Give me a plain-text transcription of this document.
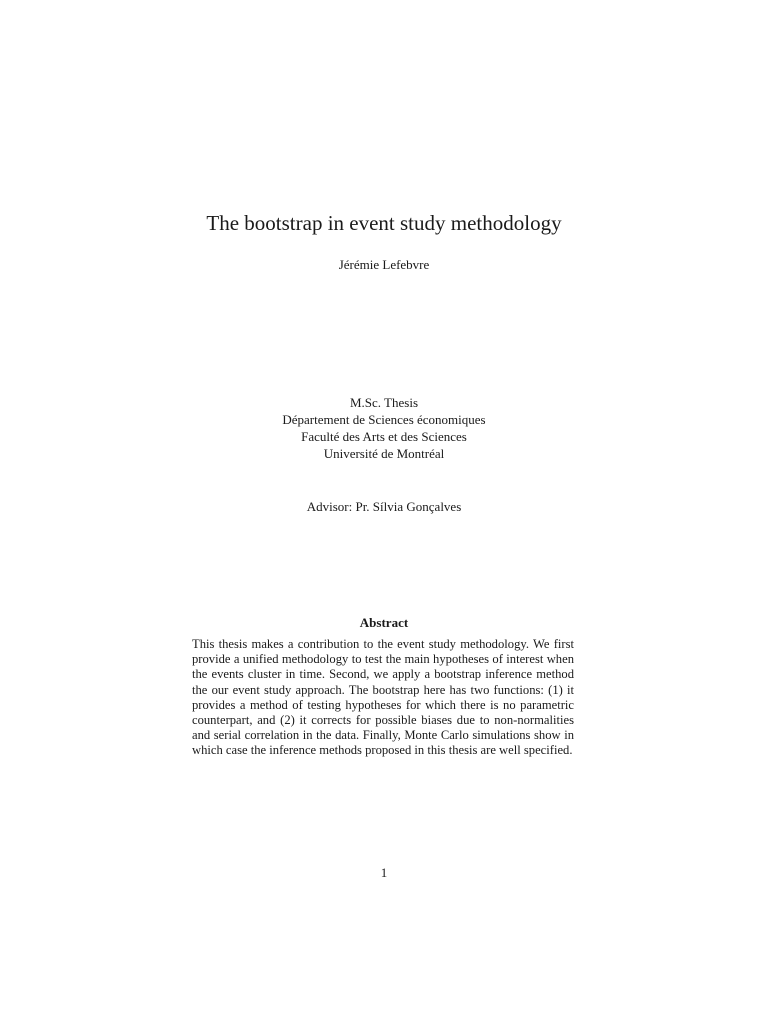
The bootstrap in event study methodology
Jérémie Lefebvre
M.Sc. Thesis
Département de Sciences économiques
Faculté des Arts et des Sciences
Université de Montréal
Advisor: Pr. Sílvia Gonçalves
Abstract
This thesis makes a contribution to the event study methodology. We first provide a unified methodology to test the main hypotheses of interest when the events cluster in time. Second, we apply a bootstrap inference method the our event study approach. The bootstrap here has two functions: (1) it provides a method of testing hypotheses for which there is no parametric counterpart, and (2) it corrects for possible biases due to non-normalities and serial correlation in the data. Finally, Monte Carlo simulations show in which case the inference methods proposed in this thesis are well specified.
1
